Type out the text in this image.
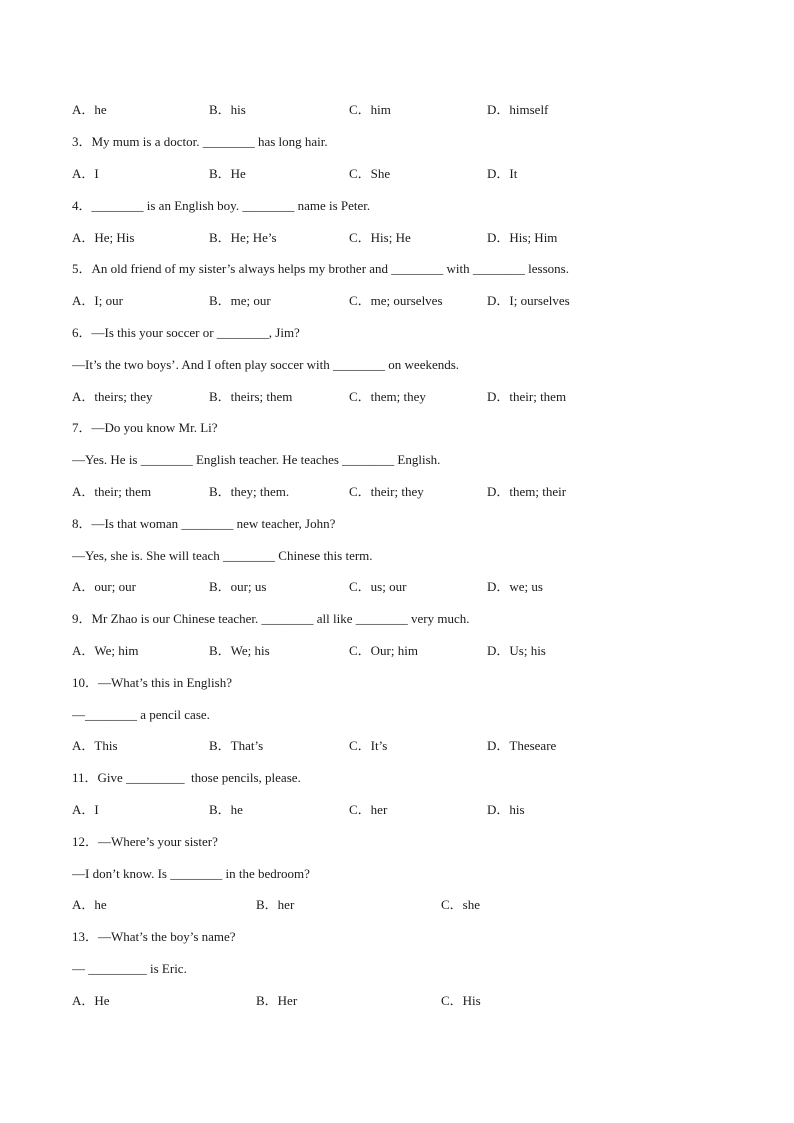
A．he	B．his	C．him	D．himself
3．My mum is a doctor. ________ has long hair.
A．I	B．He	C．She	D．It
4．________ is an English boy. ________ name is Peter.
A．He; His	B．He; He’s	C．His; He	D．His; Him
5．An old friend of my sister’s always helps my brother and ________ with ________ lessons.
A．I; our	B．me; our	C．me; ourselves	D．I; ourselves
6．—Is this your soccer or ________, Jim?
—It’s the two boys’. And I often play soccer with ________ on weekends.
A．theirs; they	B．theirs; them	C．them; they	D．their; them
7．—Do you know Mr. Li?
—Yes. He is ________ English teacher. He teaches ________ English.
A．their; them	B．they; them.	C．their; they	D．them; their
8．—Is that woman ________ new teacher, John?
—Yes, she is. She will teach ________ Chinese this term.
A．our; our	B．our; us	C．us; our	D．we; us
9．Mr Zhao is our Chinese teacher. ________ all like ________ very much.
A．We; him	B．We; his	C．Our; him	D．Us; his
10．—What’s this in English?
—________ a pencil case.
A．This	B．That’s	C．It’s	D．Theseare
11．Give _________  those pencils, please.
A．I	B．he	C．her	D．his
12．—Where’s your sister?
—I don’t know. Is ________ in the bedroom?
A．he	B．her	C．she
13．—What’s the boy’s name?
— _________ is Eric.
A．He	B．Her	C．His
